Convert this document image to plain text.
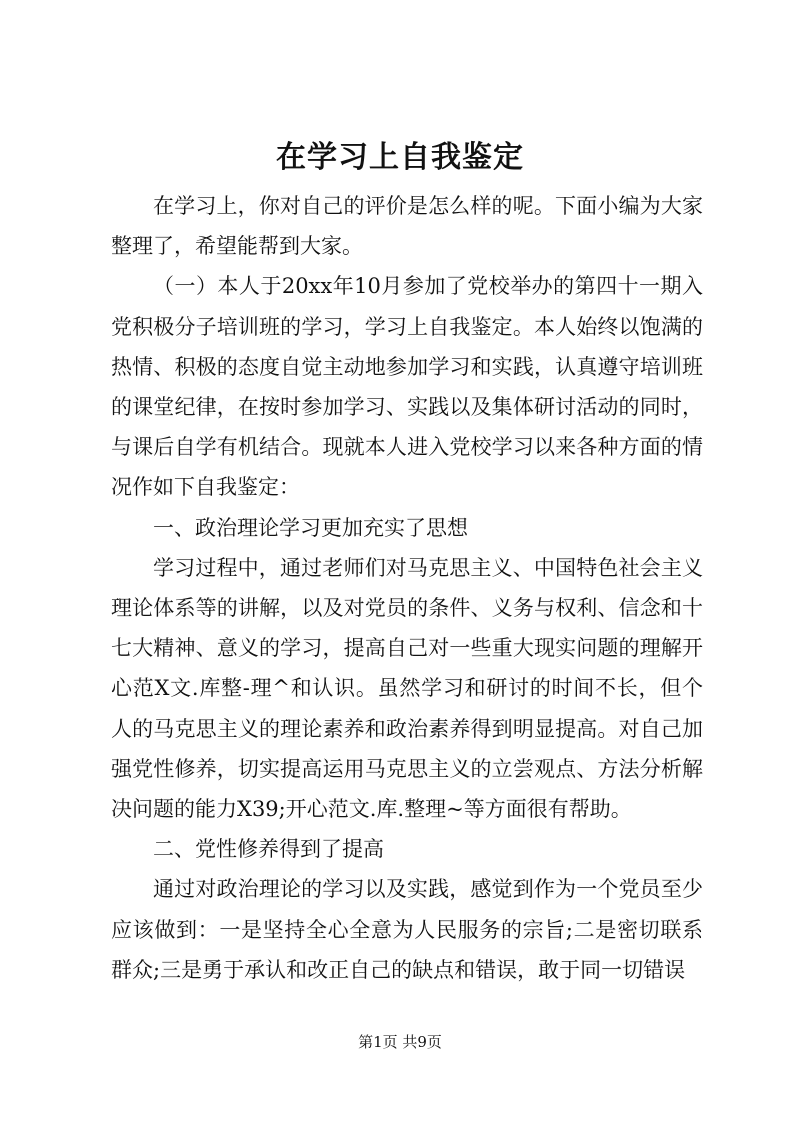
在学习上自我鉴定

在学习上，你对自己的评价是怎么样的呢。下面小编为大家整理了，希望能帮到大家。

（一）本人于20xx年10月参加了党校举办的第四十一期入党积极分子培训班的学习，学习上自我鉴定。本人始终以饱满的热情、积极的态度自觉主动地参加学习和实践，认真遵守培训班的课堂纪律，在按时参加学习、实践以及集体研讨活动的同时，与课后自学有机结合。现就本人进入党校学习以来各种方面的情况作如下自我鉴定：

一、政治理论学习更加充实了思想

学习过程中，通过老师们对马克思主义、中国特色社会主义理论体系等的讲解，以及对党员的条件、义务与权利、信念和十七大精神、意义的学习，提高自己对一些重大现实问题的理解开心范X文.库整-理^和认识。虽然学习和研讨的时间不长，但个人的马克思主义的理论素养和政治素养得到明显提高。对自己加强党性修养，切实提高运用马克思主义的立尝观点、方法分析解决问题的能力X39;开心范文.库.整理~等方面很有帮助。

二、党性修养得到了提高

通过对政治理论的学习以及实践，感觉到作为一个党员至少应该做到：一是坚持全心全意为人民服务的宗旨;二是密切联系群众;三是勇于承认和改正自己的缺点和错误，敢于同一切错误

第1页 共9页
